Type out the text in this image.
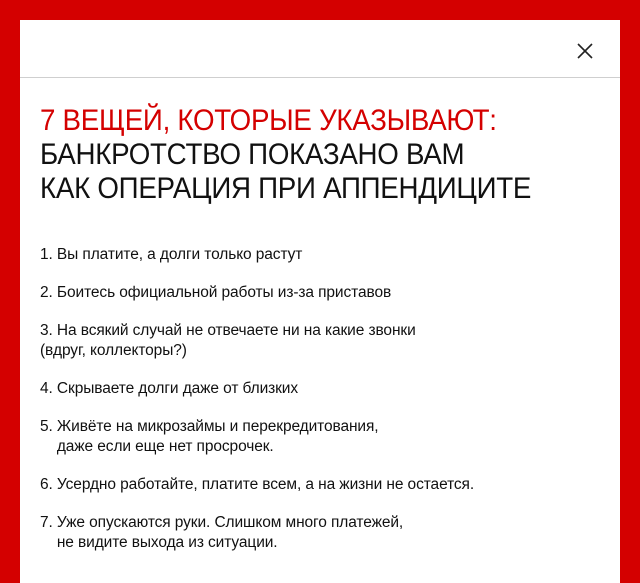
7 ВЕЩЕЙ, КОТОРЫЕ УКАЗЫВАЮТ:
БАНКРОТСТВО ПОКАЗАНО ВАМ
КАК ОПЕРАЦИЯ ПРИ АППЕНДИЦИТЕ
1. Вы платите, а долги только растут
2. Боитесь официальной работы из-за приставов
3. На всякий случай не отвечаете ни на какие звонки
(вдруг, коллекторы?)
4. Скрываете долги даже от близких
5. Живёте на микрозаймы и перекредитования,
даже если еще нет просрочек.
6. Усердно работайте, платите всем, а на жизни не остается.
7. Уже опускаются руки. Слишком много платежей,
не видите выхода из ситуации.
